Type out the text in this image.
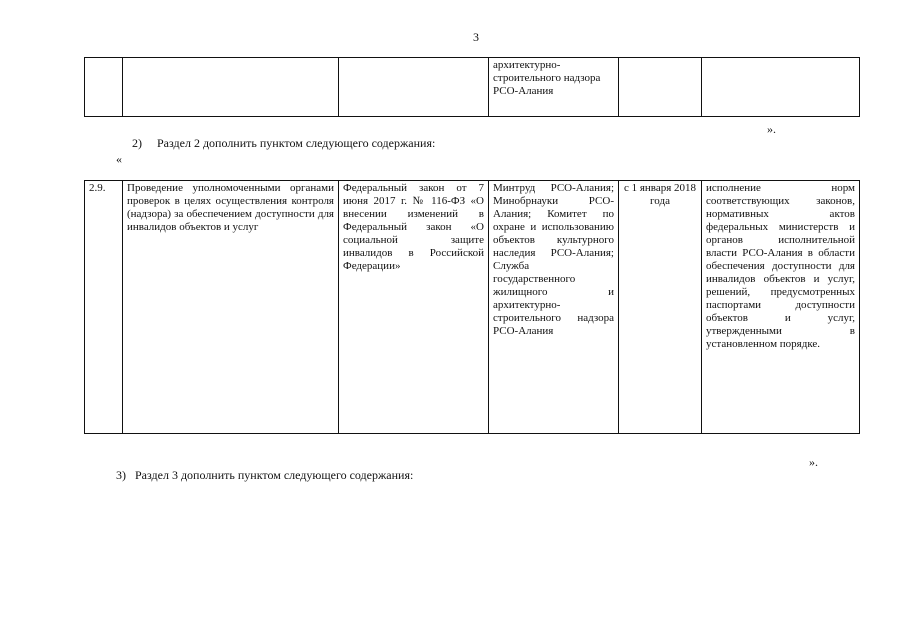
3
			архитектурно-строительного надзора РСО-Алания		
».
2) Раздел 2 дополнить пунктом следующего содержания:
«
2.9.	Проведение уполномоченными органами проверок в целях осуществления контроля (надзора) за обеспечением доступности для инвалидов объектов и услуг	Федеральный закон от 7 июня 2017 г. № 116-ФЗ «О внесении изменений в Федеральный закон «О социальной защите инвалидов в Российской Федерации»	Минтруд РСО-Алания; Минобрнауки РСО-Алания; Комитет по охране и использованию объектов культурного наследия РСО-Алания; Служба государственного жилищного и архитектурно-строительного надзора РСО-Алания	с 1 января 2018 года	исполнение норм соответствующих законов, нормативных актов федеральных министерств и органов исполнительной власти РСО-Алания в области обеспечения доступности для инвалидов объектов и услуг, решений, предусмотренных паспортами доступности объектов и услуг, утвержденными в установленном порядке.
».
3) Раздел 3 дополнить пунктом следующего содержания:
